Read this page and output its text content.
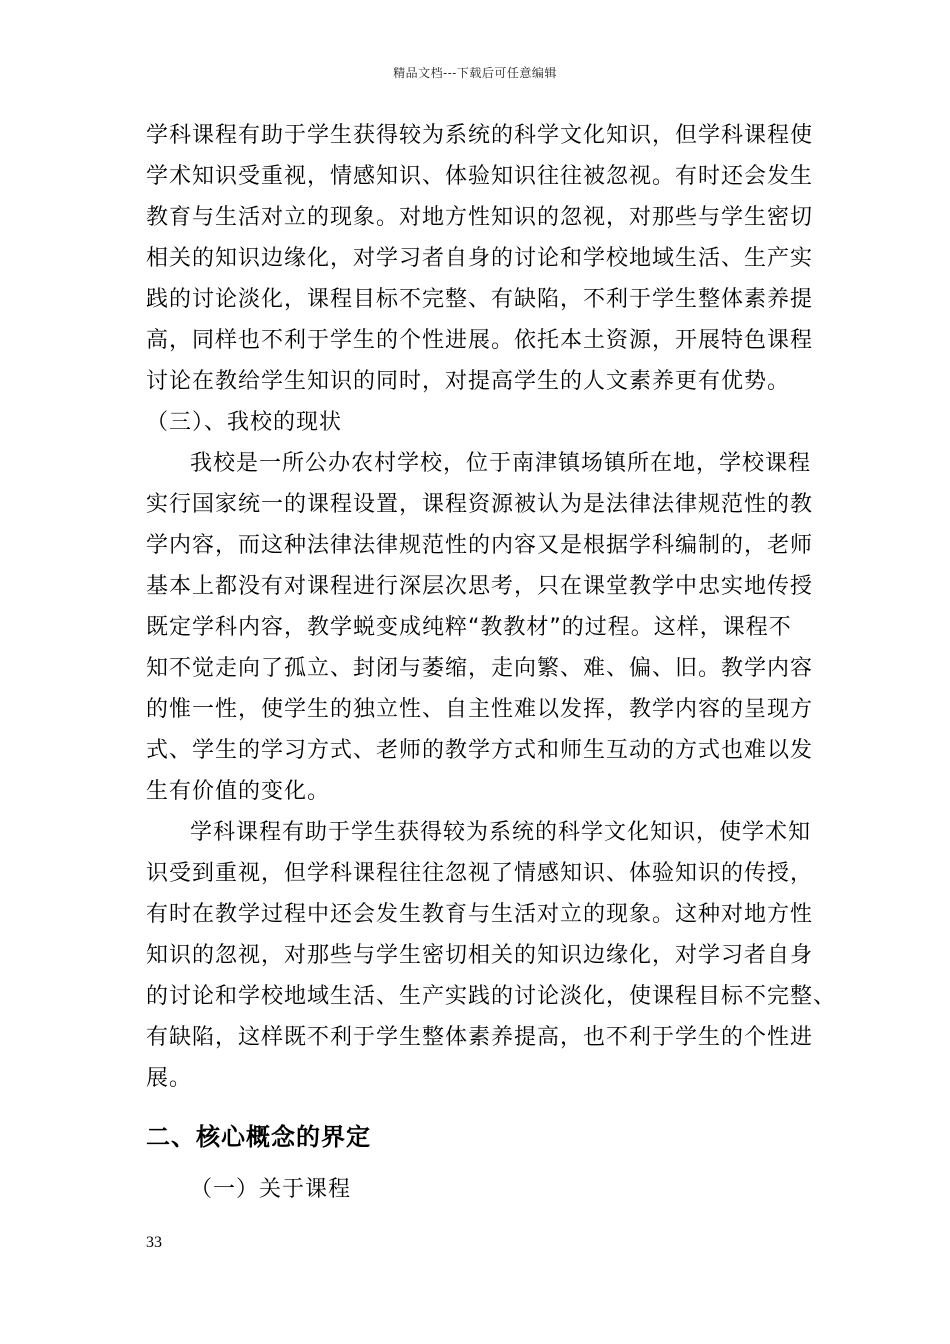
精品文档---下载后可任意编辑
学科课程有助于学生获得较为系统的科学文化知识，但学科课程使
学术知识受重视，情感知识、体验知识往往被忽视。有时还会发生
教育与生活对立的现象。对地方性知识的忽视，对那些与学生密切
相关的知识边缘化，对学习者自身的讨论和学校地域生活、生产实
践的讨论淡化，课程目标不完整、有缺陷，不利于学生整体素养提
高，同样也不利于学生的个性进展。依托本土资源，开展特色课程
讨论在教给学生知识的同时，对提高学生的人文素养更有优势。
（三）、我校的现状
我校是一所公办农村学校，位于南津镇场镇所在地，学校课程
实行国家统一的课程设置，课程资源被认为是法律法律规范性的教
学内容，而这种法律法律规范性的内容又是根据学科编制的，老师
基本上都没有对课程进行深层次思考，只在课堂教学中忠实地传授
既定学科内容，教学蜕变成纯粹“教教材”的过程。这样，课程不
知不觉走向了孤立、封闭与萎缩，走向繁、难、偏、旧。教学内容
的惟一性，使学生的独立性、自主性难以发挥，教学内容的呈现方
式、学生的学习方式、老师的教学方式和师生互动的方式也难以发
生有价值的变化。
学科课程有助于学生获得较为系统的科学文化知识，使学术知
识受到重视，但学科课程往往忽视了情感知识、体验知识的传授，
有时在教学过程中还会发生教育与生活对立的现象。这种对地方性
知识的忽视，对那些与学生密切相关的知识边缘化，对学习者自身
的讨论和学校地域生活、生产实践的讨论淡化，使课程目标不完整、
有缺陷，这样既不利于学生整体素养提高，也不利于学生的个性进
展。
二、核心概念的界定
（一）关于课程
33
